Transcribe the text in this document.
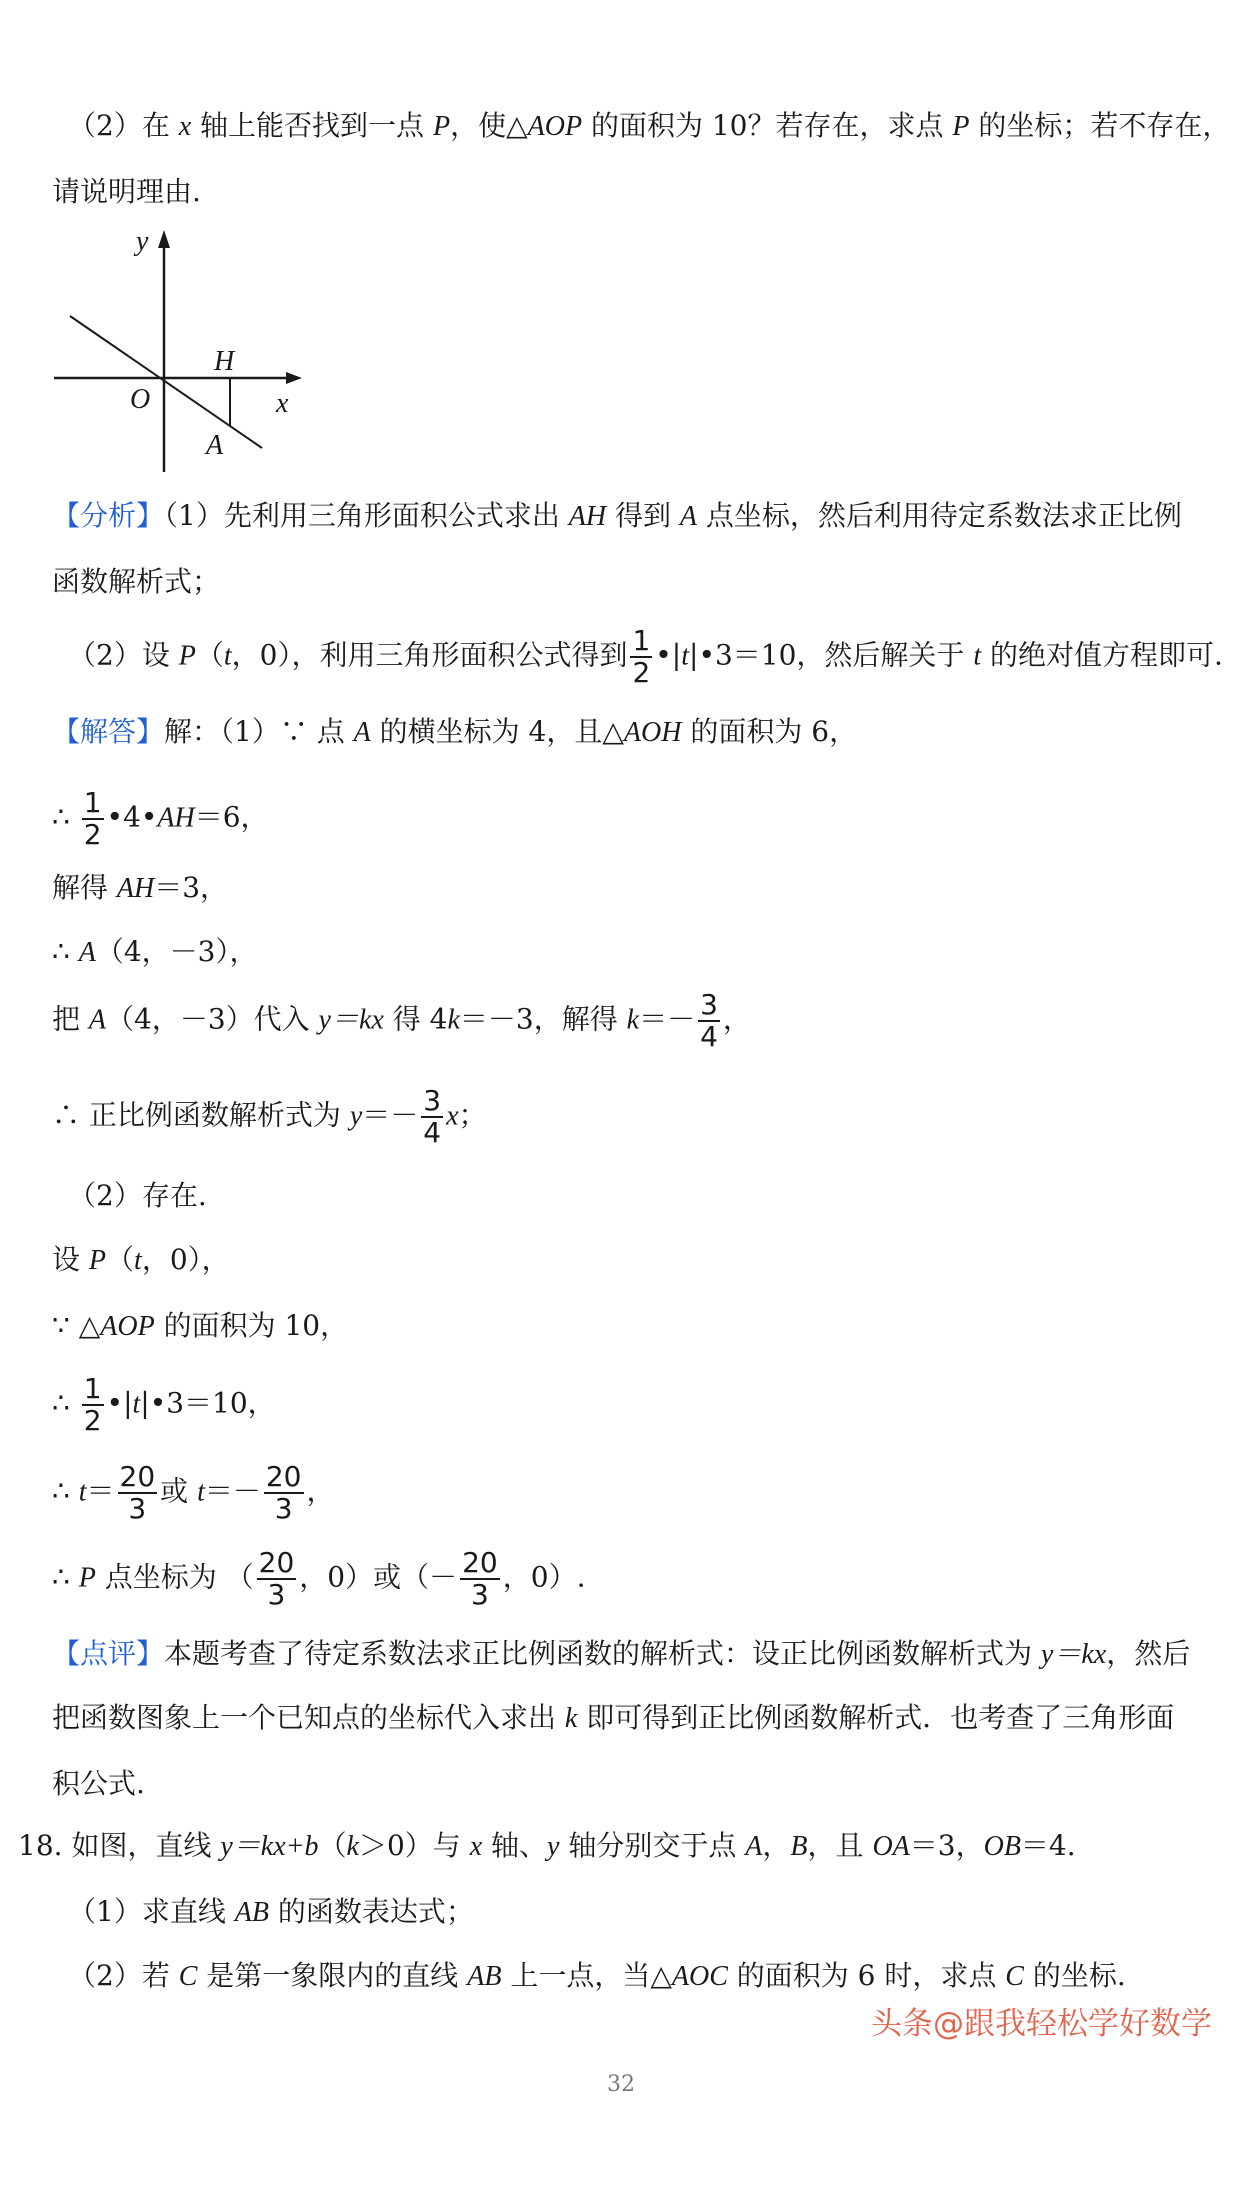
（2）在 x 轴上能否找到一点 P，使△AOP 的面积为 10？若存在，求点 P 的坐标；若不存在，
请说明理由.
y
x
O
H
A
【分析】（1）先利用三角形面积公式求出 AH 得到 A 点坐标，然后利用待定系数法求正比例
函数解析式；
（2）设 P（t，0），利用三角形面积公式得到 $\frac{1}{2}$ •|t|•3＝10，然后解关于 t 的绝对值方程即可.
【解答】解：（1）∵ 点 A 的横坐标为 4，且△AOH 的面积为 6，
∴ $\frac{1}{2}$ •4•AH＝6，
解得 AH＝3，
∴ A（4，－3），
把 A（4，－3）代入 y＝kx 得 4k＝－3，解得 $k=- \frac{3}{4}$ ，
∴ 正比例函数解析式为 $y=- \frac{3}{4}$ x；
（2）存在.
设 P（t，0），
∵ △AOP 的面积为 10，
∴ $\frac{1}{2}$ •|t|•3＝10，
∴ $t= \frac{20}{3}$ 或 $t=- \frac{20}{3}$ ，
∴ P 点坐标为 （ $\frac{20}{3}$ ，0）或（－ $\frac{20}{3}$ ，0）.
【点评】本题考查了待定系数法求正比例函数的解析式：设正比例函数解析式为 y＝kx，然后
把函数图象上一个已知点的坐标代入求出 k 即可得到正比例函数解析式．也考查了三角形面
积公式.
18. 如图，直线 y＝kx+b（k＞0）与 x 轴、y 轴分别交于点 A，B，且 OA＝3，OB＝4.
（1）求直线 AB 的函数表达式；
（2）若 C 是第一象限内的直线 AB 上一点，当△AOC 的面积为 6 时，求点 C 的坐标.
头条@跟我轻松学好数学
32
